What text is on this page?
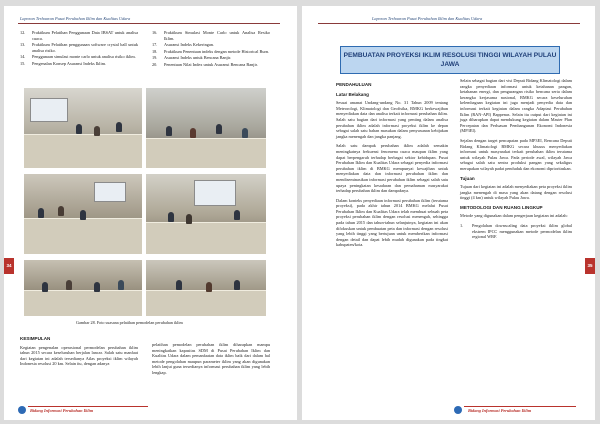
Laporan Terbaaran Pusat Perubahan Iklim dan Kualitas Udara
12.	Praktikum Pelatihan Penggunaan Data IBSAT untuk analisa cuaca.
13.	Praktikum Pelatihan penggunaan software crystal ball untuk analisa risiko.
14.	Penggunaan simulasi monte carlo untuk analisa risiko iklim.
15.	Pengenalan Konsep Asuransi Indeks Iklim.
16.	Praktikum Simulasi Monte Carlo untuk Analisa Resiko Iklim.
17.	Asuransi Indeks Kekeringan.
18.	Praktikum Penentuan indeks dengan metode Historical Burn.
19.	Asuransi Indeks untuk Bencana Banjir.
20.	Penentuan Nilai Index untuk Asuransi Bencana Banjir.
Gambar 28. Foto suasana pelatihan pemodelan perubahan iklim
KESIMPULAN

Kegiatan pengenalan operasional permodelan perubahan iklim tahun 2015 secara keseluruhan berjalan lancar. Salah satu manfaat dari kegiatan ini adalah tersedianya Atlas proyeksi iklim wilayah Indonesia resolusi 20 km. Selain itu, dengan adanya

pelatihan pemodelan perubahan iklim diharapkan mampu meningkatkan kapasitas SDM di Pusat Perubahan Iklim dan Kualitas Udara dalam pemanfaatan data iklim baik dari dalam hal metode pengolahan maupun parameter iklim yang akan digunakan lebih lanjut guna tersedianya informasi perubahan iklim yang lebih lengkap.

34
Bidang Informasi Perubahan Iklim
Laporan Terbaaran Pusat Perubahan Iklim dan Kualitas Udara
PEMBUATAN PROYEKSI IKLIM RESOLUSI TINGGI WILAYAH PULAU JAWA
PENDAHULUAN
Latar Belakang

Sesuai amanat Undang-undang No. 31 Tahun 2009 tentang Meteorologi, Klimatologi dan Geofisika, BMKG berkewajiban menyediakan data dan analisa terkait informasi perubahan iklim. Salah satu bagian dari informasi yang penting dalam analisa perubahan iklim adalah informasi proyeksi iklim ke depan sebagai salah satu bahan masukan dalam penyusunan kebijakan jangka menengah dan jangka panjang.

Salah satu dampak perubahan iklim adalah semakin meningkatnya frekuensi fenomena cuaca maupun iklim yang dapat berpengaruh terhadap berbagai sektor kehidupan. Pusat Perubahan Iklim dan Kualitas Udara sebagai penyedia informasi perubahan iklim di BMKG mempunyai kewajiban untuk menyediakan data dan informasi perubahan iklim dan mendiseminasikan informasi perubahan iklim sebagai salah satu upaya peningkatan kesadaran dan pemahaman masyarakat terhadap perubahan iklim dan dampaknya.

Dalam konteks penyediaan informasi perubahan iklim (terutama proyeksi), pada akhir tahun 2014 BMKG melalui Pusat Perubahan Iklim dan Kualitas Udara telah membuat sebuah peta proyeksi perubahan iklim dengan resolusi menengah, sehingga pada tahun 2015 dan tahun-tahun selanjutnya, kegiatan ini akan difokuskan untuk pembuatan peta dan informasi dengan resolusi yang lebih tinggi yang bertujuan untuk memberikan informasi dengan detail dan dapat lebih mudah digunakan pada tingkat kabupaten/kota.

Selain sebagai bagian dari visi Deputi Bidang Klimatologi dalam rangka penyediaan informasi untuk ketahanan pangan, ketahanan energi, dan pengurangan risiko bencana serta dalam kerangka kerjasama nasional, BMKG secara keseluruhan kelembagaan kegiatan ini juga menjadi penyedia data dan informasi terkait kegiatan dalam rangka Adaptasi Perubahan Iklim (RAN-API) Bappenas. Selain itu output dari kegiatan ini juga diharapkan dapat mendukung kegiatan dalam Master Plan Percepatan dan Perluasan Pembangunan Ekonomi Indonesia (MP3EI).

Sejalan dengan target pencapaian pada MP3EI, Rencana Deputi Bidang Klimatologi BMKG secara khusus menyediakan informasi untuk masyarakat terkait perubahan iklim terutama untuk wilayah Pulau Jawa. Pada periode awal, wilayah Jawa sebagai salah satu sentra produksi pangan yang sekaligus merupakan wilayah padat penduduk dan ekonomi diprioritaskan.

Tujuan

Tujuan dari kegiatan ini adalah menyediakan peta proyeksi iklim jangka menengah di masa yang akan datang dengan resolusi tinggi (4 km) untuk wilayah Pulau Jawa.

METODOLOGI DAN RUANG LINGKUP

Metode yang digunakan dalam pengerjaan kegiatan ini adalah:

1.	Pengolahan downscaling data proyeksi iklim global ekstrem IPCC menggunakan metode permodelan iklim regional WRF.
35
Bidang Informasi Perubahan Iklim
